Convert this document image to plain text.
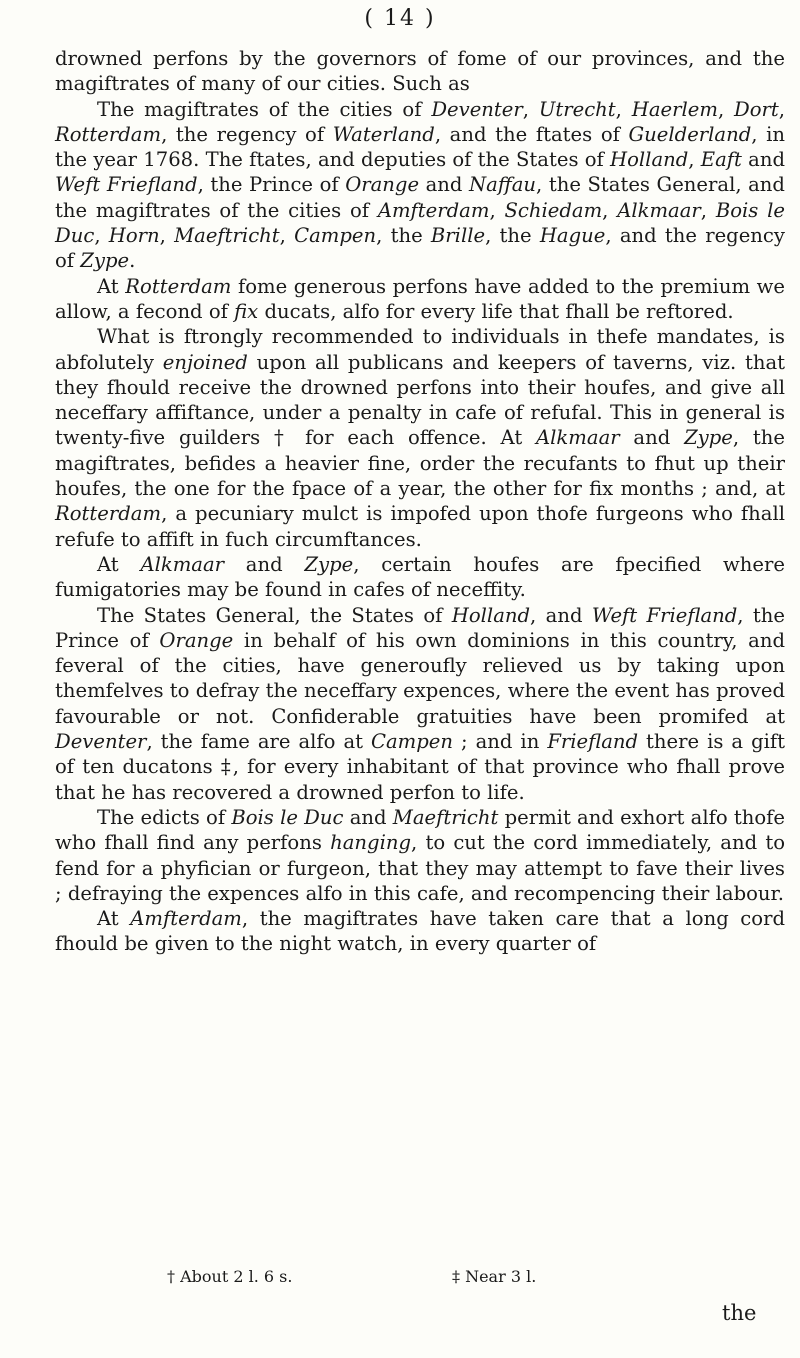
( 14 )

drowned perfons by the governors of fome of our provinces, and the magiftrates of many of our cities. Such as

The magiftrates of the cities of Deventer, Utrecht, Haerlem, Dort, Rotterdam, the regency of Waterland, and the ftates of Guelderland, in the year 1768. The ftates, and deputies of the States of Holland, Eaft and Weft Friefland, the Prince of Orange and Naffau, the States General, and the magiftrates of the cities of Amfterdam, Schiedam, Alkmaar, Bois le Duc, Horn, Maeftricht, Campen, the Brille, the Hague, and the regency of Zype.

At Rotterdam fome generous perfons have added to the premium we allow, a fecond of fix ducats, alfo for every life that fhall be reftored.

What is ftrongly recommended to individuals in thefe mandates, is abfolutely enjoined upon all publicans and keepers of taverns, viz. that they fhould receive the drowned perfons into their houfes, and give all neceffary affiftance, under a penalty in cafe of refufal. This in general is twenty-five guilders † for each offence. At Alkmaar and Zype, the magiftrates, befides a heavier fine, order the recufants to fhut up their houfes, the one for the fpace of a year, the other for fix months ; and, at Rotterdam, a pecuniary mulct is impofed upon thofe furgeons who fhall refufe to affift in fuch circumftances.

At Alkmaar and Zype, certain houfes are fpecified where fumigatories may be found in cafes of neceffity.

The States General, the States of Holland, and Weft Friefland, the Prince of Orange in behalf of his own dominions in this country, and feveral of the cities, have generoufly relieved us by taking upon themfelves to defray the neceffary expences, where the event has proved favourable or not. Confiderable gratuities have been promifed at Deventer, the fame are alfo at Campen ; and in Friefland there is a gift of ten ducatons ‡, for every inhabitant of that province who fhall prove that he has recovered a drowned perfon to life.

The edicts of Bois le Duc and Maeftricht permit and exhort alfo thofe who fhall find any perfons hanging, to cut the cord immediately, and to fend for a phyfician or furgeon, that they may attempt to fave their lives ; defraying the expences alfo in this cafe, and recompencing their labour.

At Amfterdam, the magiftrates have taken care that a long cord fhould be given to the night watch, in every quarter of

† About 2 l. 6 s.	‡ Near 3 l.
the
